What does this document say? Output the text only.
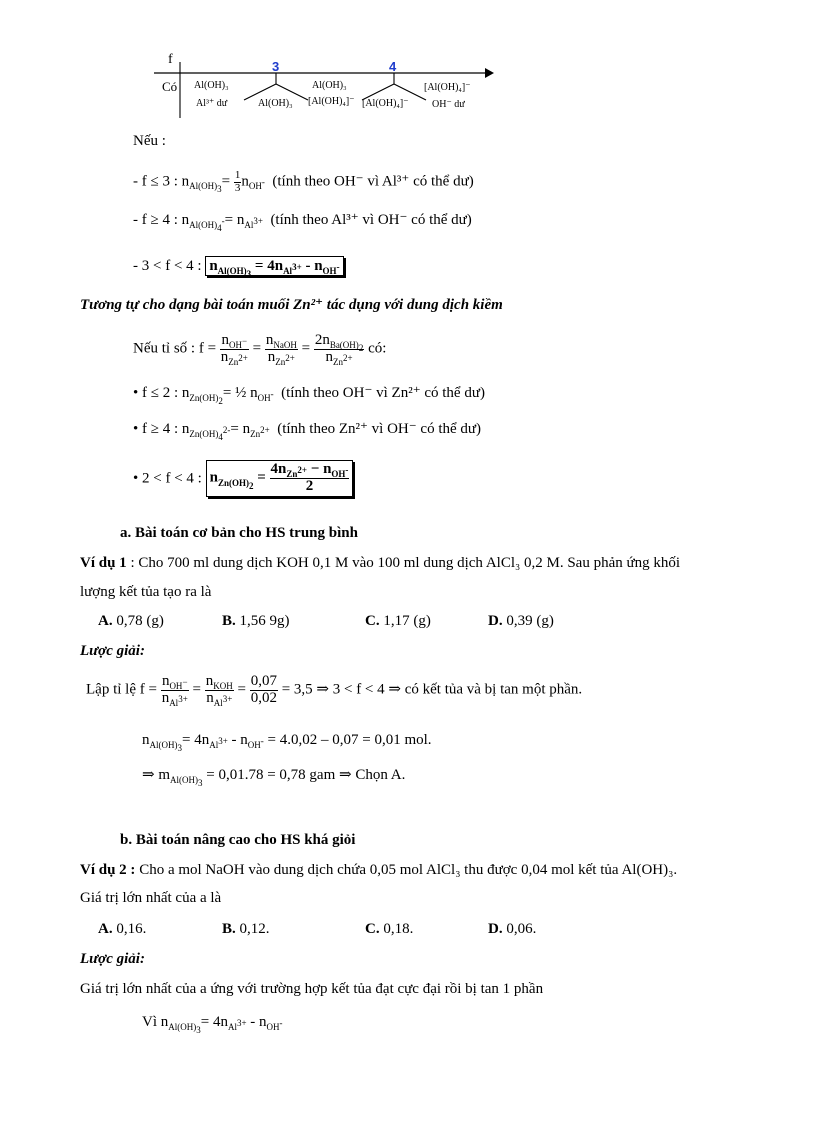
f
Có
3	4
Al(OH)₃
Al³⁺ dư	Al(OH)₃
Al(OH)₃
[Al(OH)₄]⁻ [Al(OH)₄]⁻
[Al(OH)₄]⁻
OH⁻ dư
Nếu :
- f ≤ 3 : $n_{Al(OH)_3}= \frac{1}{3} n_{OH^-}$ (tính theo OH⁻ vì Al³⁺ có thể dư)
- f ≥ 4 : $n_{Al(OH)_4^-}= n_{Al^{3+}}$ (tính theo Al³⁺ vì OH⁻ có thể dư)
- 3 < f < 4 : $n_{Al(OH)_3} = 4n_{Al^{3+}} - n_{OH^-}$
Tương tự cho dạng bài toán muối Zn²⁺ tác dụng với dung dịch kiềm
Nếu tỉ số : $f = \frac{n_{OH^-}}{n_{Zn^{2+}}} = \frac{n_{NaOH}}{n_{Zn^{2+}}} = \frac{2n_{Ba(OH)_2}}{n_{Zn^{2+}}}$ có:
• f ≤ 2 : $n_{Zn(OH)_2}=$ ½ $n_{OH^-}$ (tính theo OH⁻ vì Zn²⁺ có thể dư)
• f ≥ 4 : $n_{Zn(OH)_4^{2-}}= n_{Zn^{2+}}$ (tính theo Zn²⁺ vì OH⁻ có thể dư)
• 2 < f < 4 : $n_{Zn(OH)_2} = \frac{4n_{Zn^{2+}} - n_{OH^-}}{2}$
a. Bài toán cơ bản cho HS trung bình
Ví dụ 1 : Cho 700 ml dung dịch KOH 0,1 M vào 100 ml dung dịch AlCl₃ 0,2 M. Sau phản ứng khối
lượng kết tủa tạo ra là
A. 0,78 (g)	B. 1,56 9g)	C. 1,17 (g)	D. 0,39 (g)
Lược giải:
Lập tỉ lệ $f = \frac{n_{OH^-}}{n_{Al^{3+}}} = \frac{n_{KOH}}{n_{Al^{3+}}} = \frac{0,07}{0,02} = 3,5$ ⇒ 3 < f < 4 ⇒ có kết tủa và bị tan một phần.
$n_{Al(OH)_3}= 4n_{Al^{3+}} - n_{OH^-} = 4.0,02 - 0,07 = 0,01$ mol.
⇒ $m_{Al(OH)_3} = 0,01.78 = 0,78$ gam ⇒ Chọn A.
b. Bài toán nâng cao cho HS khá giỏi
Ví dụ 2 : Cho a mol NaOH vào dung dịch chứa 0,05 mol AlCl₃ thu được 0,04 mol kết tủa Al(OH)₃.
Giá trị lớn nhất của a là
A. 0,16.	B. 0,12.	C. 0,18.	D. 0,06.
Lược giải:
Giá trị lớn nhất của a ứng với trường hợp kết tủa đạt cực đại rồi bị tan 1 phần
Vì $n_{Al(OH)_3}= 4n_{Al^{3+}} - n_{OH^-}$
